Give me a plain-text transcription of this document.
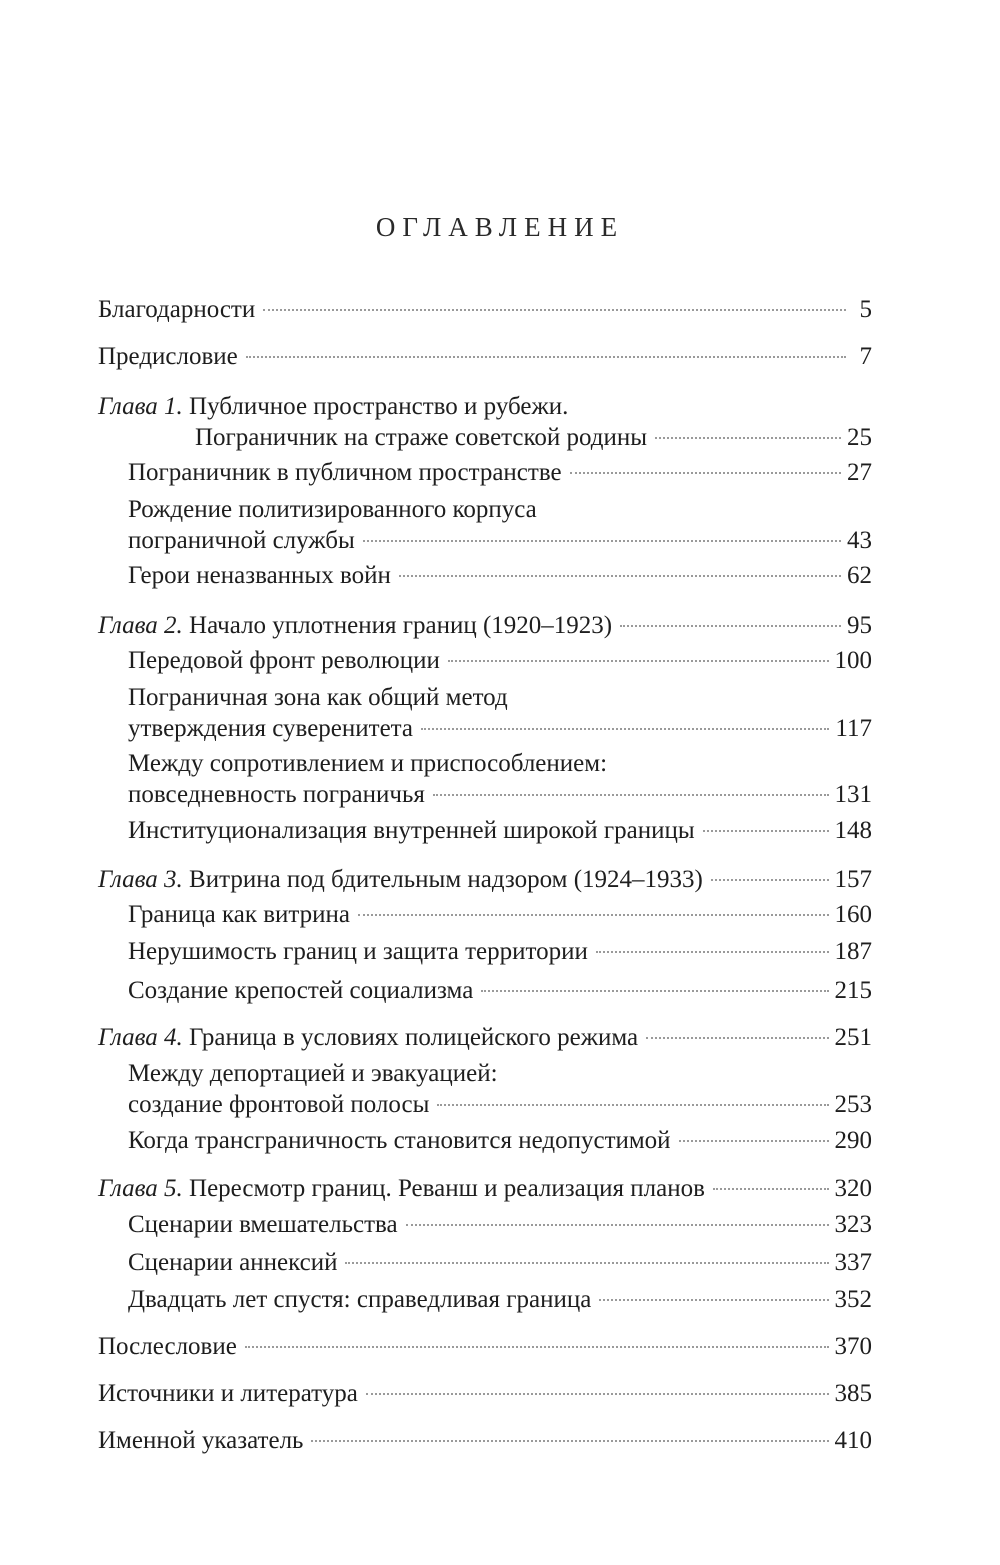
ОГЛАВЛЕНИЕ
Благодарности	5
Предисловие	7
Глава 1. Публичное пространство и рубежи.
Пограничник на страже советской родины	25
Пограничник в публичном пространстве	27
Рождение политизированного корпуса
пограничной службы	43
Герои неназванных войн	62
Глава 2. Начало уплотнения границ (1920–1923)	95
Передовой фронт революции	100
Пограничная зона как общий метод
утверждения суверенитета	117
Между сопротивлением и приспособлением:
повседневность пограничья	131
Институционализация внутренней широкой границы	148
Глава 3. Витрина под бдительным надзором (1924–1933)	157
Граница как витрина	160
Нерушимость границ и защита территории	187
Создание крепостей социализма	215
Глава 4. Граница в условиях полицейского режима	251
Между депортацией и эвакуацией:
создание фронтовой полосы	253
Когда трансграничность становится недопустимой	290
Глава 5. Пересмотр границ. Реванш и реализация планов	320
Сценарии вмешательства	323
Сценарии аннексий	337
Двадцать лет спустя: справедливая граница	352
Послесловие	370
Источники и литература	385
Именной указатель	410
